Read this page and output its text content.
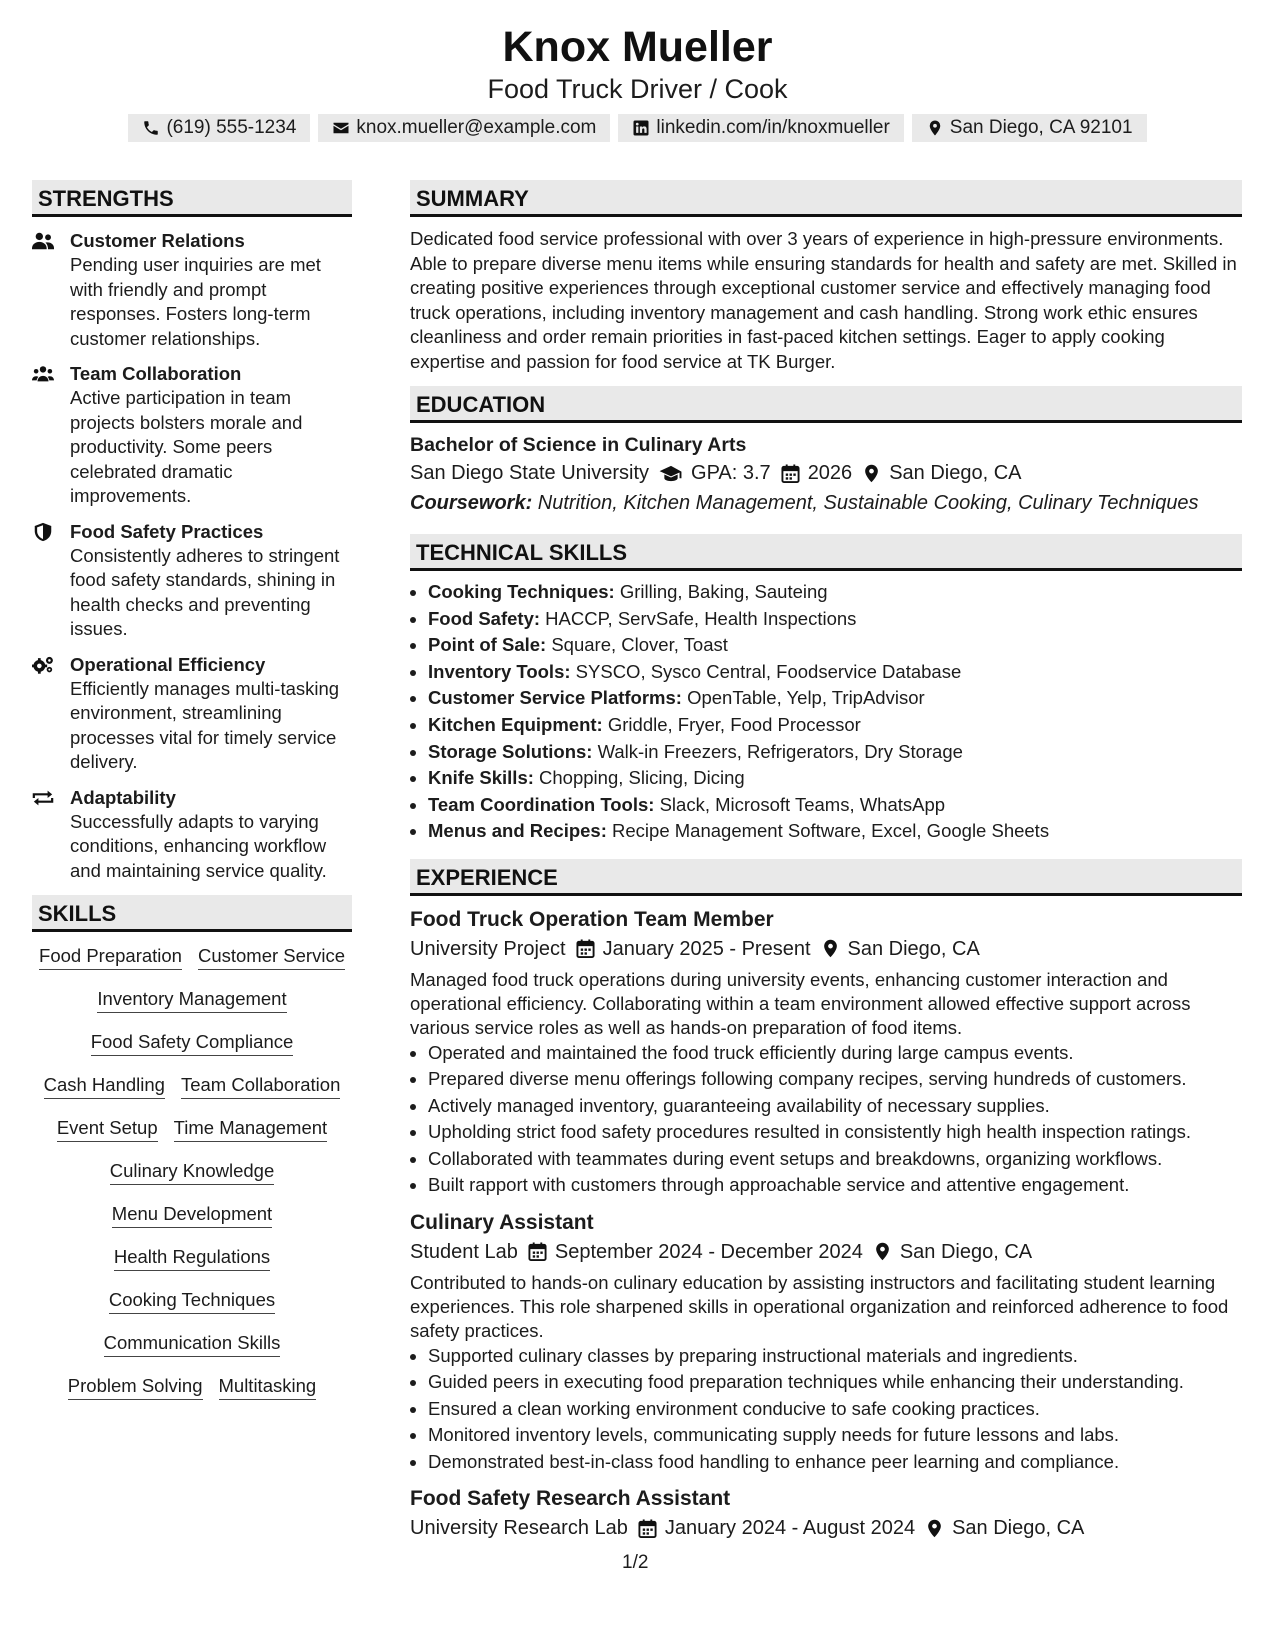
Knox Mueller
Food Truck Driver / Cook
(619) 555-1234	knox.mueller@example.com	linkedin.com/in/knoxmueller	San Diego, CA 92101
STRENGTHS
Customer Relations
Pending user inquiries are met with friendly and prompt responses. Fosters long-term customer relationships.
Team Collaboration
Active participation in team projects bolsters morale and productivity. Some peers celebrated dramatic improvements.
Food Safety Practices
Consistently adheres to stringent food safety standards, shining in health checks and preventing issues.
Operational Efficiency
Efficiently manages multi-tasking environment, streamlining processes vital for timely service delivery.
Adaptability
Successfully adapts to varying conditions, enhancing workflow and maintaining service quality.
SKILLS
Food Preparation Customer Service
Inventory Management
Food Safety Compliance
Cash Handling Team Collaboration
Event Setup Time Management
Culinary Knowledge
Menu Development
Health Regulations
Cooking Techniques
Communication Skills
Problem Solving Multitasking
SUMMARY
Dedicated food service professional with over 3 years of experience in high-pressure environments. Able to prepare diverse menu items while ensuring standards for health and safety are met. Skilled in creating positive experiences through exceptional customer service and effectively managing food truck operations, including inventory management and cash handling. Strong work ethic ensures cleanliness and order remain priorities in fast-paced kitchen settings. Eager to apply cooking expertise and passion for food service at TK Burger.
EDUCATION
Bachelor of Science in Culinary Arts
San Diego State University GPA: 3.7 2026 San Diego, CA
Coursework: Nutrition, Kitchen Management, Sustainable Cooking, Culinary Techniques
TECHNICAL SKILLS
• Cooking Techniques: Grilling, Baking, Sauteing
• Food Safety: HACCP, ServSafe, Health Inspections
• Point of Sale: Square, Clover, Toast
• Inventory Tools: SYSCO, Sysco Central, Foodservice Database
• Customer Service Platforms: OpenTable, Yelp, TripAdvisor
• Kitchen Equipment: Griddle, Fryer, Food Processor
• Storage Solutions: Walk-in Freezers, Refrigerators, Dry Storage
• Knife Skills: Chopping, Slicing, Dicing
• Team Coordination Tools: Slack, Microsoft Teams, WhatsApp
• Menus and Recipes: Recipe Management Software, Excel, Google Sheets
EXPERIENCE
Food Truck Operation Team Member
University Project January 2025 - Present San Diego, CA
Managed food truck operations during university events, enhancing customer interaction and operational efficiency. Collaborating within a team environment allowed effective support across various service roles as well as hands-on preparation of food items.
• Operated and maintained the food truck efficiently during large campus events.
• Prepared diverse menu offerings following company recipes, serving hundreds of customers.
• Actively managed inventory, guaranteeing availability of necessary supplies.
• Upholding strict food safety procedures resulted in consistently high health inspection ratings.
• Collaborated with teammates during event setups and breakdowns, organizing workflows.
• Built rapport with customers through approachable service and attentive engagement.
Culinary Assistant
Student Lab September 2024 - December 2024 San Diego, CA
Contributed to hands-on culinary education by assisting instructors and facilitating student learning experiences. This role sharpened skills in operational organization and reinforced adherence to food safety practices.
• Supported culinary classes by preparing instructional materials and ingredients.
• Guided peers in executing food preparation techniques while enhancing their understanding.
• Ensured a clean working environment conducive to safe cooking practices.
• Monitored inventory levels, communicating supply needs for future lessons and labs.
• Demonstrated best-in-class food handling to enhance peer learning and compliance.
Food Safety Research Assistant
University Research Lab January 2024 - August 2024 San Diego, CA
1/2
